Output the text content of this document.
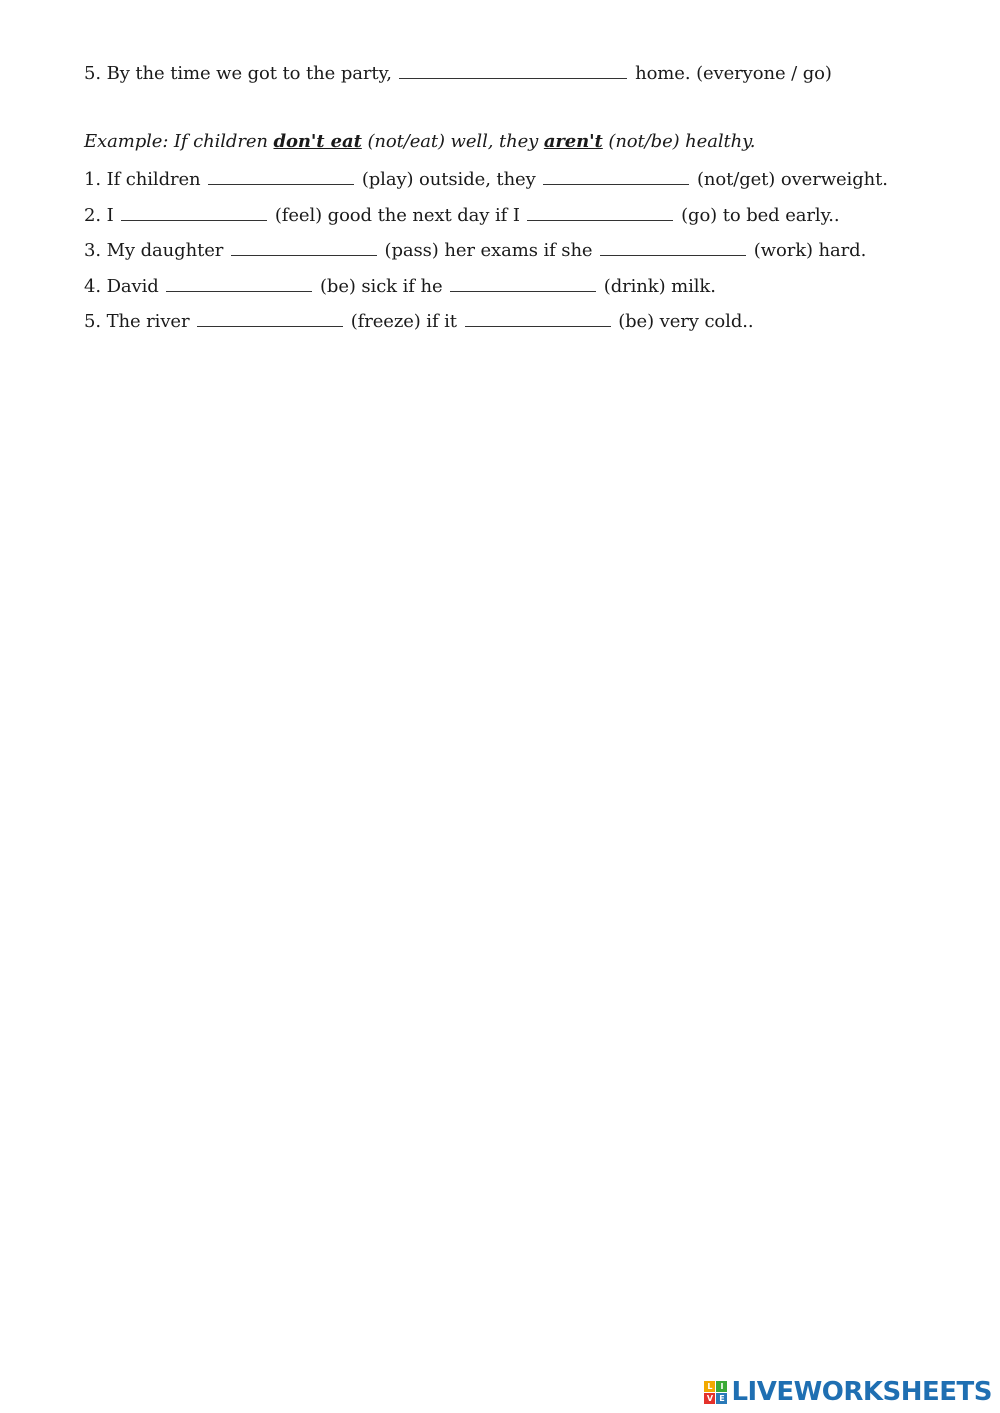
5. By the time we got to the party,	home. (everyone / go)
Example: If children don't eat (not/eat) well, they aren't (not/be) healthy.
1. If children	(play) outside, they	(not/get) overweight.
2. I	(feel) good the next day if I	(go) to bed early..
3. My daughter	(pass) her exams if she	(work) hard.
4. David	(be) sick if he	(drink) milk.
5. The river	(freeze) if it	(be) very cold..
L I
V E LIVEWORKSHEETS
